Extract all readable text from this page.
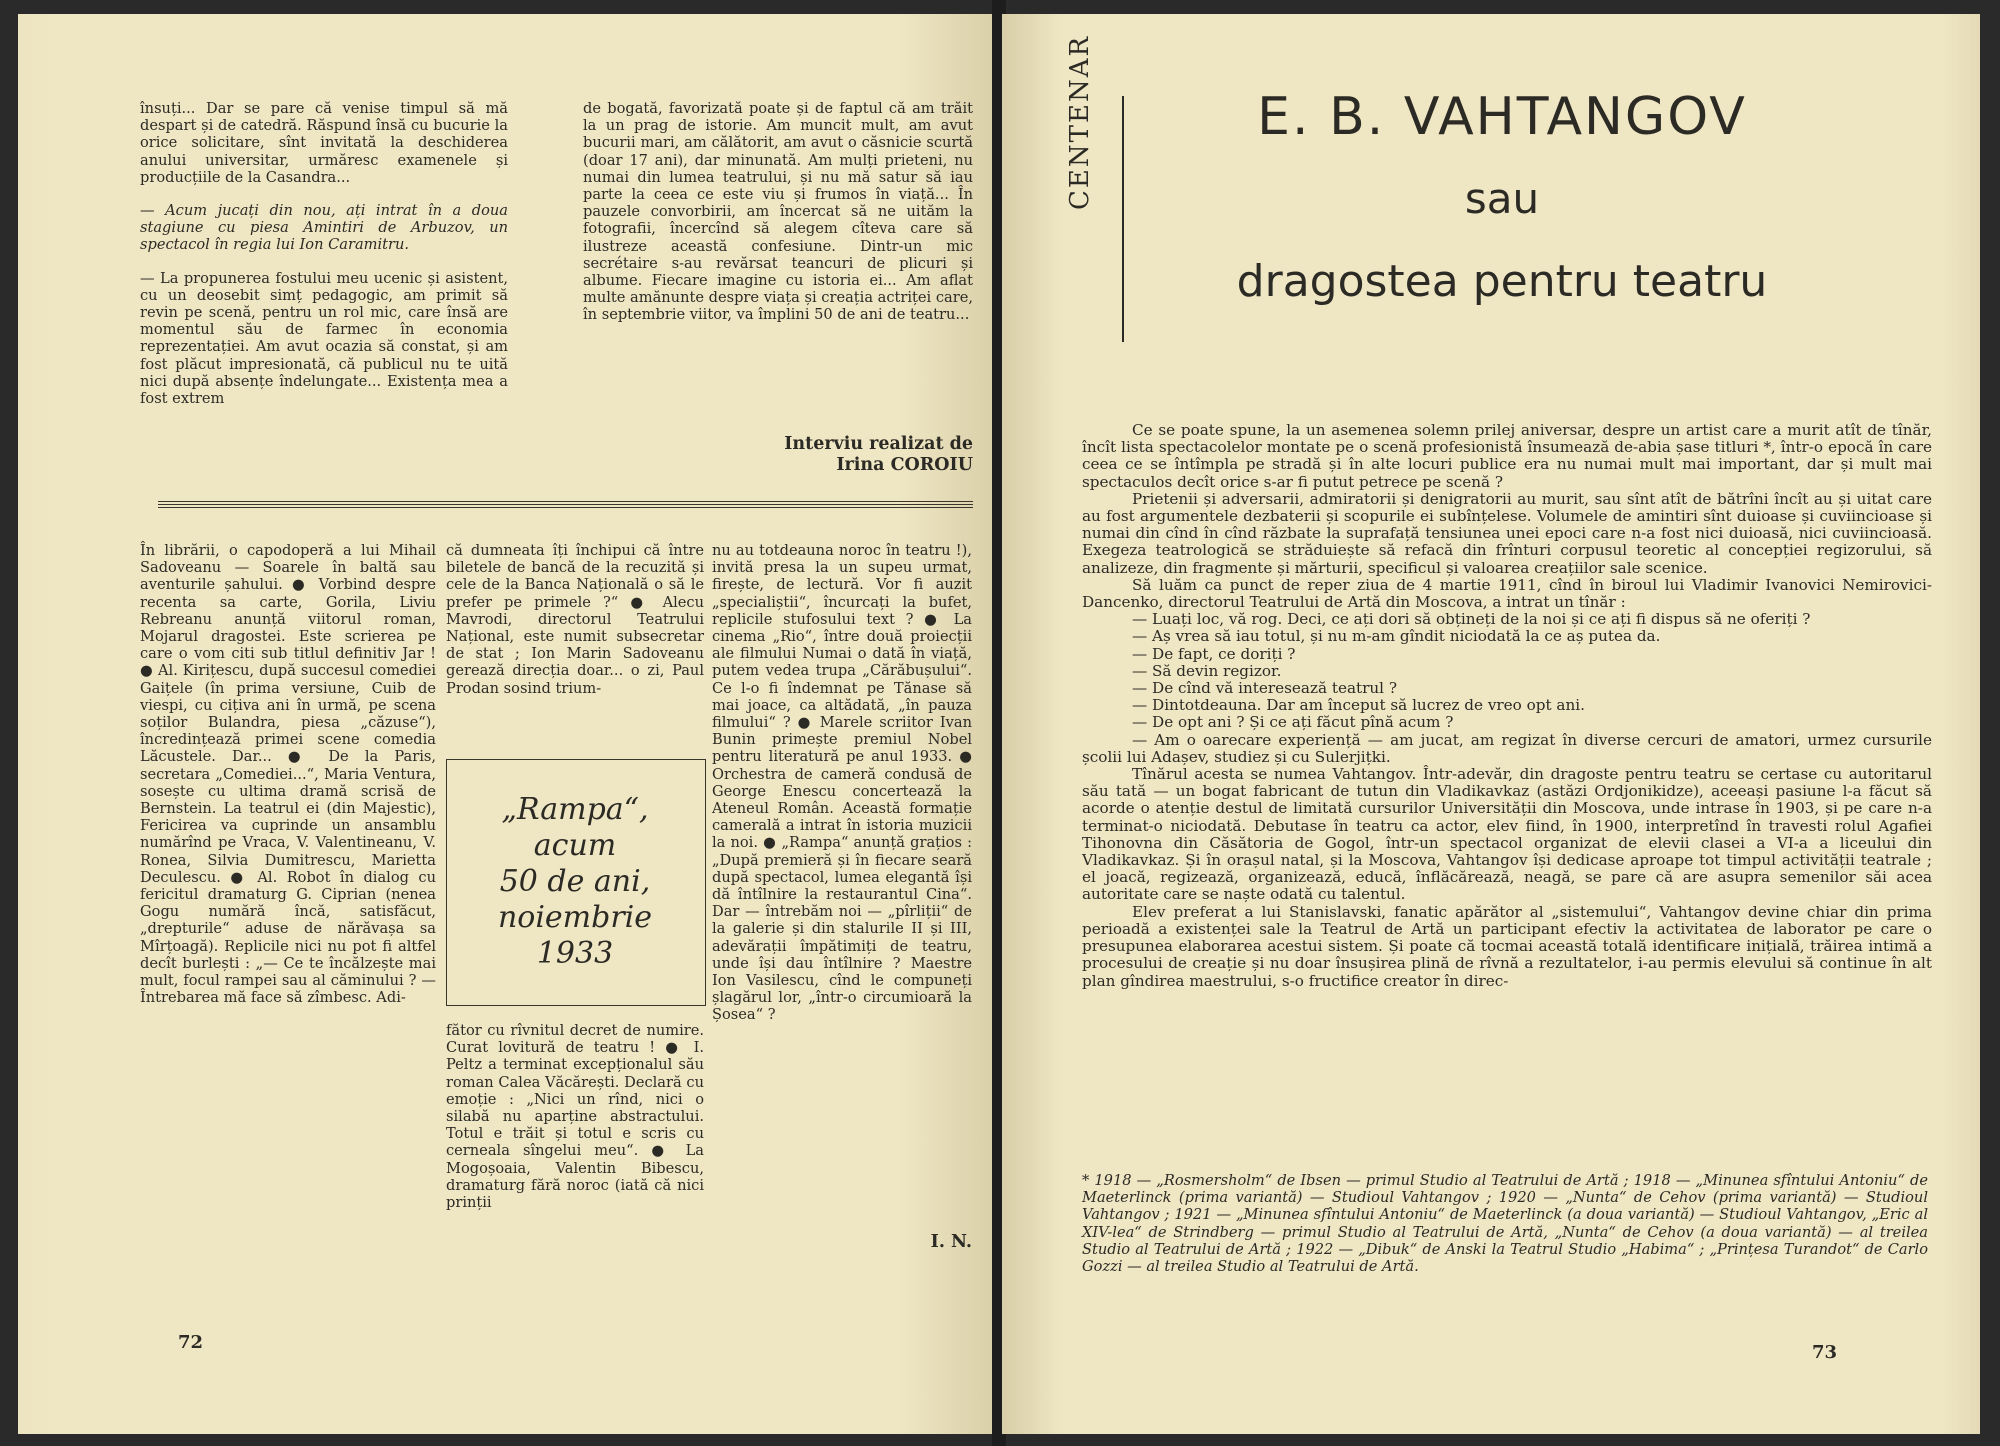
însuți... Dar se pare că venise timpul să mă despart și de catedră. Răspund însă cu bucurie la orice solicitare, sînt invitată la deschiderea anului universitar, urmăresc examenele și producțiile de la Casandra...

— Acum jucați din nou, ați intrat în a doua stagiune cu piesa Amintiri de Arbuzov, un spectacol în regia lui Ion Caramitru.

— La propunerea fostului meu ucenic și asistent, cu un deosebit simț pedagogic, am primit să revin pe scenă, pentru un rol mic, care însă are momentul său de farmec în economia reprezentației. Am avut ocazia să constat, și am fost plăcut impresionată, că publicul nu te uită nici după absențe îndelungate... Existența mea a fost extrem

de bogată, favorizată poate și de faptul că am trăit la un prag de istorie. Am muncit mult, am avut bucurii mari, am călătorit, am avut o căsnicie scurtă (doar 17 ani), dar minunată. Am mulți prieteni, nu numai din lumea teatrului, și nu mă satur să iau parte la ceea ce este viu și frumos în viață... În pauzele convorbirii, am încercat să ne uităm la fotografii, încercînd să alegem cîteva care să ilustreze această confesiune. Dintr-un mic secrétaire s-au revărsat teancuri de plicuri și albume. Fiecare imagine cu istoria ei... Am aflat multe amănunte despre viața și creația actriței care, în septembrie viitor, va împlini 50 de ani de teatru...

Interviu realizat de
Irina COROIU

În librării, o capodoperă a lui Mihail Sadoveanu — Soarele în baltă sau aventurile șahului. ● Vorbind despre recenta sa carte, Gorila, Liviu Rebreanu anunță viitorul roman, Mojarul dragostei. Este scrierea pe care o vom citi sub titlul definitiv Jar ! ● Al. Kirițescu, după succesul comediei Gaițele (în prima versiune, Cuib de viespi, cu cițiva ani în urmă, pe scena soților Bulandra, piesa „căzuse“), încredințează primei scene comedia Lăcustele. Dar... ● De la Paris, secretara „Comediei...“, Maria Ventura, sosește cu ultima dramă scrisă de Bernstein. La teatrul ei (din Majestic), Fericirea va cuprinde un ansamblu numărînd pe Vraca, V. Valentineanu, V. Ronea, Silvia Dumitrescu, Marietta Deculescu. ● Al. Robot în dialog cu fericitul dramaturg G. Ciprian (nenea Gogu numără încă, satisfăcut, „drepturile“ aduse de nărăvașa sa Mîrțoagă). Replicile nici nu pot fi altfel decît burlești : „— Ce te încălzește mai mult, focul rampei sau al căminului ? — Întrebarea mă face să zîmbesc. Adi-

că dumneata îți închipui că între biletele de bancă de la recuzită și cele de la Banca Națională o să le prefer pe primele ?“ ● Alecu Mavrodi, directorul Teatrului Național, este numit subsecretar de stat ; Ion Marin Sadoveanu gerează direcția doar... o zi, Paul Prodan sosind trium-

„Rampa“,
acum
50 de ani,
noiembrie
1933

fător cu rîvnitul decret de numire. Curat lovitură de teatru ! ● I. Peltz a terminat excepționalul său roman Calea Văcărești. Declară cu emoție : „Nici un rînd, nici o silabă nu aparține abstractului. Totul e trăit și totul e scris cu cerneala sîngelui meu“. ● La Mogoșoaia, Valentin Bibescu, dramaturg fără noroc (iată că nici prinții

nu au totdeauna noroc în teatru !), invită presa la un supeu urmat, firește, de lectură. Vor fi auzit „specialiștii“, încurcați la bufet, replicile stufosului text ? ● La cinema „Rio“, între două proiecții ale filmului Numai o dată în viață, putem vedea trupa „Cărăbușului“. Ce l-o fi îndemnat pe Tănase să mai joace, ca altădată, „în pauza filmului“ ? ● Marele scriitor Ivan Bunin primește premiul Nobel pentru literatură pe anul 1933. ● Orchestra de cameră condusă de George Enescu concertează la Ateneul Român. Această formație camerală a intrat în istoria muzicii la noi. ● „Rampa“ anunță grațios : „După premieră și în fiecare seară după spectacol, lumea elegantă își dă întîlnire la restaurantul Cina“. Dar — întrebăm noi — „pîrliții“ de la galerie și din stalurile II și III, adevărații împătimiți de teatru, unde își dau întîlnire ? Maestre Ion Vasilescu, cînd le compuneți șlagărul lor, „într-o circumioară la Șosea“ ?

I. N.
72
CENTENAR	E. B. VAHTANGOV
sau
dragostea pentru teatru

Ce se poate spune, la un asemenea solemn prilej aniversar, despre un artist care a murit atît de tînăr, încît lista spectacolelor montate pe o scenă profesionistă însumează de-abia șase titluri *, într-o epocă în care ceea ce se întîmpla pe stradă și în alte locuri publice era nu numai mult mai important, dar și mult mai spectaculos decît orice s-ar fi putut petrece pe scenă ?

Prietenii și adversarii, admiratorii și denigratorii au murit, sau sînt atît de bătrîni încît au și uitat care au fost argumentele dezbaterii și scopurile ei subînțelese. Volumele de amintiri sînt duioase și cuviincioase și numai din cînd în cînd răzbate la suprafață tensiunea unei epoci care n-a fost nici duioasă, nici cuviincioasă. Exegeza teatrologică se străduiește să refacă din frînturi corpusul teoretic al concepției regizorului, să analizeze, din fragmente și mărturii, specificul și valoarea creațiilor sale scenice.

Să luăm ca punct de reper ziua de 4 martie 1911, cînd în biroul lui Vladimir Ivanovici Nemirovici-Dancenko, directorul Teatrului de Artă din Moscova, a intrat un tînăr :

— Luați loc, vă rog. Deci, ce ați dori să obțineți de la noi și ce ați fi dispus să ne oferiți ?

— Aș vrea să iau totul, și nu m-am gîndit niciodată la ce aș putea da.

— De fapt, ce doriți ?

— Să devin regizor.

— De cînd vă interesează teatrul ?

— Dintotdeauna. Dar am început să lucrez de vreo opt ani.

— De opt ani ? Și ce ați făcut pînă acum ?

— Am o oarecare experiență — am jucat, am regizat în diverse cercuri de amatori, urmez cursurile școlii lui Adașev, studiez și cu Sulerjițki.

Tînărul acesta se numea Vahtangov. Într-adevăr, din dragoste pentru teatru se certase cu autoritarul său tată — un bogat fabricant de tutun din Vladikavkaz (astăzi Ordjonikidze), aceeași pasiune l-a făcut să acorde o atenție destul de limitată cursurilor Universității din Moscova, unde intrase în 1903, și pe care n-a terminat-o niciodată. Debutase în teatru ca actor, elev fiind, în 1900, interpretînd în travesti rolul Agafiei Tihonovna din Căsătoria de Gogol, într-un spectacol organizat de elevii clasei a VI-a a liceului din Vladikavkaz. Și în orașul natal, și la Moscova, Vahtangov își dedicase aproape tot timpul activității teatrale ; el joacă, regizează, organizează, educă, înflăcărează, neagă, se pare că are asupra semenilor săi acea autoritate care se naște odată cu talentul.

Elev preferat a lui Stanislavski, fanatic apărător al „sistemului“, Vahtangov devine chiar din prima perioadă a existenței sale la Teatrul de Artă un participant efectiv la activitatea de laborator pe care o presupunea elaborarea acestui sistem. Și poate că tocmai această totală identificare inițială, trăirea intimă a procesului de creație și nu doar însușirea plină de rîvnă a rezultatelor, i-au permis elevului să continue în alt plan gîndirea maestrului, s-o fructifice creator în direc-

* 1918 — „Rosmersholm“ de Ibsen — primul Studio al Teatrului de Artă ; 1918 — „Minunea sfîntului Antoniu“ de Maeterlinck (prima variantă) — Studioul Vahtangov ; 1920 — „Nunta“ de Cehov (prima variantă) — Studioul Vahtangov ; 1921 — „Minunea sfîntului Antoniu“ de Maeterlinck (a doua variantă) — Studioul Vahtangov, „Eric al XIV-lea“ de Strindberg — primul Studio al Teatrului de Artă, „Nunta“ de Cehov (a doua variantă) — al treilea Studio al Teatrului de Artă ; 1922 — „Dibuk“ de Anski la Teatrul Studio „Habima“ ; „Prințesa Turandot“ de Carlo Gozzi — al treilea Studio al Teatrului de Artă.
73
